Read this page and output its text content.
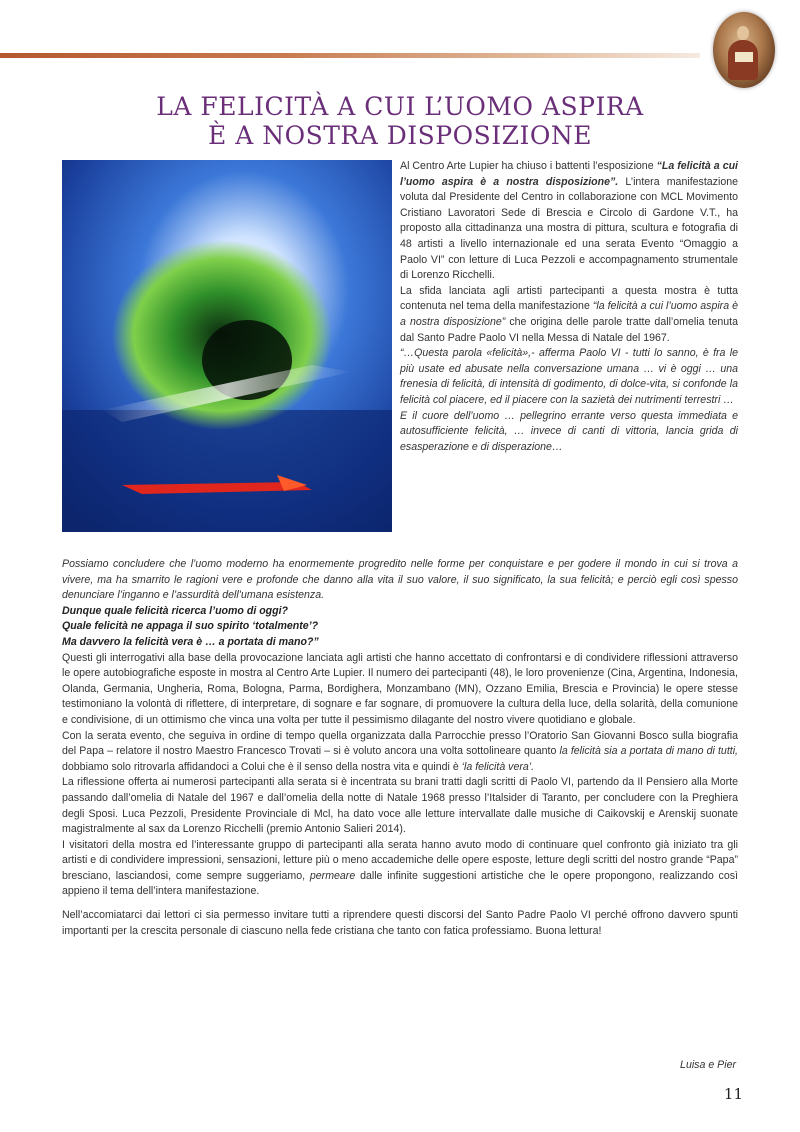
LA FELICITÀ A CUI L’UOMO ASPIRA
È A NOSTRA DISPOSIZIONE

Al Centro Arte Lupier ha chiuso i battenti l’esposizione “La felicità a cui l’uomo aspira è a nostra disposizione”. L’intera manifestazione voluta dal Presidente del Centro in collaborazione con MCL Movimento Cristiano Lavoratori Sede di Brescia e Circolo di Gardone V.T., ha proposto alla cittadinanza una mostra di pittura, scultura e fotografia di 48 artisti a livello internazionale ed una serata Evento “Omaggio a Paolo VI” con letture di Luca Pezzoli e accompagnamento strumentale di Lorenzo Ricchelli.

La sfida lanciata agli artisti partecipanti a questa mostra è tutta contenuta nel tema della manifestazione “la felicità a cui l’uomo aspira è a nostra disposizione” che origina delle parole tratte dall’omelia tenuta dal Santo Padre Paolo VI nella Messa di Natale del 1967.

“…Questa parola «felicità»,- afferma Paolo VI - tutti lo sanno, è fra le più usate ed abusate nella conversazione umana … vi è oggi … una frenesia di felicità, di intensità di godimento, di dolce-vita, si confonde la felicità col piacere, ed il piacere con la sazietà dei nutrimenti terrestri …

E il cuore dell’uomo … pellegrino errante verso questa immediata e autosufficiente felicità, … invece di canti di vittoria, lancia grida di esasperazione e di disperazione…

Possiamo concludere che l’uomo moderno ha enormemente progredito nelle forme per conquistare e per godere il mondo in cui si trova a vivere, ma ha smarrito le ragioni vere e profonde che danno alla vita il suo valore, il suo significato, la sua felicità; e perciò egli così spesso denunciare l’inganno e l’assurdità dell’umana esistenza.

Dunque quale felicità ricerca l’uomo di oggi?

Quale felicità ne appaga il suo spirito ‘totalmente’?

Ma davvero la felicità vera è … a portata di mano?”

Questi gli interrogativi alla base della provocazione lanciata agli artisti che hanno accettato di confrontarsi e di condividere riflessioni attraverso le opere autobiografiche esposte in mostra al Centro Arte Lupier. Il numero dei partecipanti (48), le loro provenienze (Cina, Argentina, Indonesia, Olanda, Germania, Ungheria, Roma, Bologna, Parma, Bordighera, Monzambano (MN), Ozzano Emilia, Brescia e Provincia) le opere stesse testimoniano la volontà di riflettere, di interpretare, di sognare e far sognare, di promuovere la cultura della luce, della solarità, della comunione e condivisione, di un ottimismo che vinca una volta per tutte il pessimismo dilagante del nostro vivere quotidiano e globale.

Con la serata evento, che seguiva in ordine di tempo quella organizzata dalla Parrocchie presso l’Oratorio San Giovanni Bosco sulla biografia del Papa – relatore il nostro Maestro Francesco Trovati – si è voluto ancora una volta sottolineare quanto la felicità sia a portata di mano di tutti, dobbiamo solo ritrovarla affidandoci a Colui che è il senso della nostra vita e quindi è ‘la felicità vera’.

La riflessione offerta ai numerosi partecipanti alla serata si è incentrata su brani tratti dagli scritti di Paolo VI, partendo da Il Pensiero alla Morte passando dall’omelia di Natale del 1967 e dall’omelia della notte di Natale 1968 presso l’Italsider di Taranto, per concludere con la Preghiera degli Sposi. Luca Pezzoli, Presidente Provinciale di Mcl, ha dato voce alle letture intervallate dalle musiche di Caikovskij e Arenskij suonate magistralmente al sax da Lorenzo Ricchelli (premio Antonio Salieri 2014).

I visitatori della mostra ed l’interessante gruppo di partecipanti alla serata hanno avuto modo di continuare quel confronto già iniziato tra gli artisti e di condividere impressioni, sensazioni, letture più o meno accademiche delle opere esposte, letture degli scritti del nostro grande “Papa” bresciano, lasciandosi, come sempre suggeriamo, permeare dalle infinite suggestioni artistiche che le opere propongono, realizzando così appieno il tema dell’intera manifestazione.

Nell’accomiatarci dai lettori ci sia permesso invitare tutti a riprendere questi discorsi del Santo Padre Paolo VI perché offrono davvero spunti importanti per la crescita personale di ciascuno nella fede cristiana che tanto con fatica professiamo. Buona lettura!

Luisa e Pier
11
